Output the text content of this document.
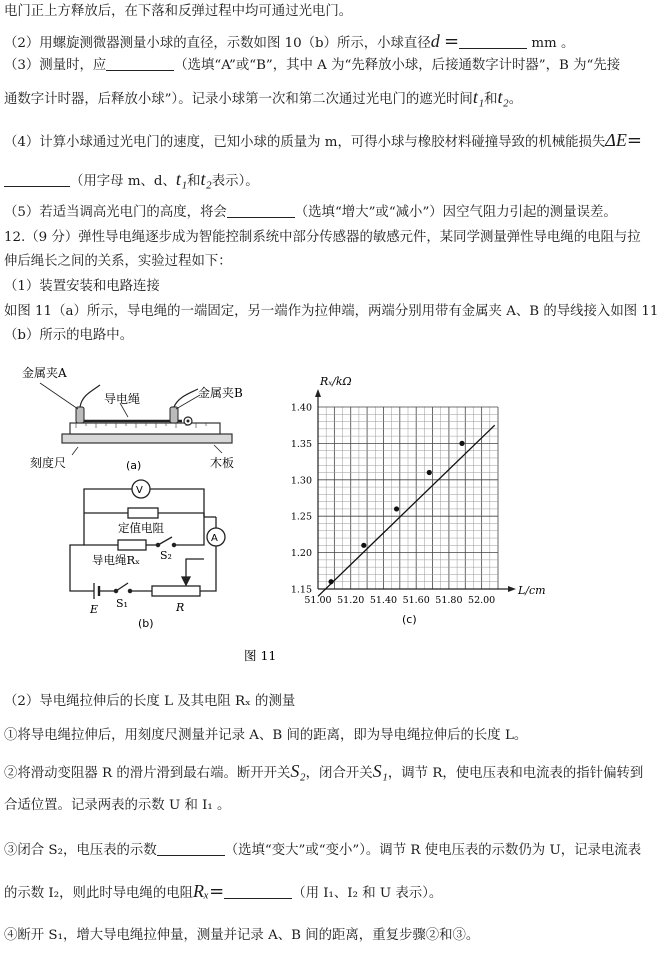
电门正上方释放后，在下落和反弹过程中均可通过光电门。
（2）用螺旋测微器测量小球的直径，示数如图 10（b）所示，小球直径d =	mm 。
（3）测量时，应	（选填“A”或“B”，其中 A 为“先释放小球，后接通数字计时器”，B 为“先接
通数字计时器，后释放小球”）。记录小球第一次和第二次通过光电门的遮光时间t₁和t₂。
（4）计算小球通过光电门的速度，已知小球的质量为 m，可得小球与橡胶材料碰撞导致的机械能损失ΔE=
（用字母 m、d、t₁和t₂表示）。
（5）若适当调高光电门的高度，将会	（选填“增大”或“减小”）因空气阻力引起的测量误差。
12.（9 分）弹性导电绳逐步成为智能控制系统中部分传感器的敏感元件，某同学测量弹性导电绳的电阻与拉
伸后绳长之间的关系，实验过程如下：
（1）装置安装和电路连接
如图 11（a）所示，导电绳的一端固定，另一端作为拉伸端，两端分别用带有金属夹 A、B 的导线接入如图 11
（b）所示的电路中。
金属夹A
导电绳	金属夹B
刻度尺	木板
(a)
V
A
定值电阻
导电绳Rₓ S₂
E S₁	R
(b)
51.00 51.20 51.40 51.60 51.80 52.00
1.15
1.20
1.25
1.30
1.35
1.40
L/cm
Rₓ/kΩ
(c)
图 11
（2）导电绳拉伸后的长度 L 及其电阻 Rₓ 的测量
①将导电绳拉伸后，用刻度尺测量并记录 A、B 间的距离，即为导电绳拉伸后的长度 L。
②将滑动变阻器 R 的滑片滑到最右端。断开开关S₂，闭合开关S₁，调节 R，使电压表和电流表的指针偏转到
合适位置。记录两表的示数 U 和 I₁ 。
③闭合 S₂，电压表的示数	（选填“变大”或“变小”）。调节 R 使电压表的示数仍为 U，记录电流表
的示数 I₂，则此时导电绳的电阻Rₓ=	（用 I₁、I₂ 和 U 表示）。
④断开 S₁，增大导电绳拉伸量，测量并记录 A、B 间的距离，重复步骤②和③。
